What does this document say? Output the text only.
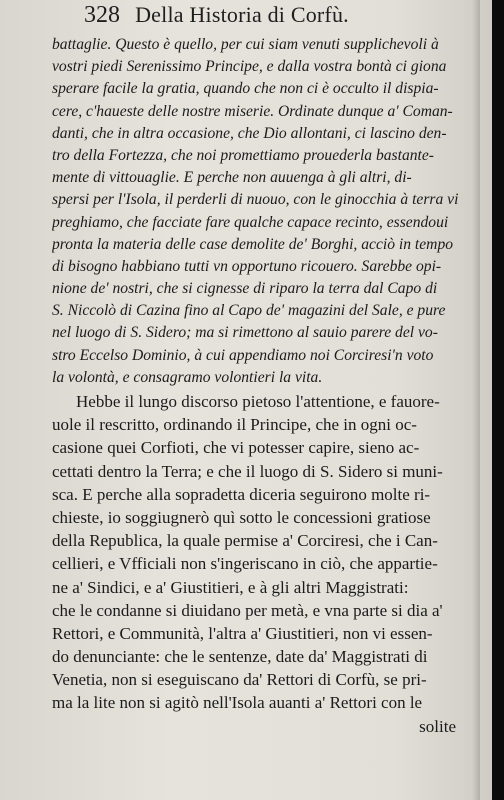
328 Della Historia di Corfù.
battaglie. Questo è quello, per cui siam venuti supplichevoli à
vostri piedi Serenissimo Principe, e dalla vostra bontà ci giona
sperare facile la gratia, quando che non ci è occulto il dispia-
cere, c'haueste delle nostre miserie. Ordinate dunque a' Coman-
danti, che in altra occasione, che Dio allontani, ci lascino den-
tro della Fortezza, che noi promettiamo prouederla bastante-
mente di vittouaglie. E perche non auuenga à gli altri, di-
spersi per l'Isola, il perderli di nuouo, con le ginocchia à terra vi
preghiamo, che facciate fare qualche capace recinto, essendoui
pronta la materia delle case demolite de' Borghi, acciò in tempo
di bisogno habbiano tutti vn opportuno ricouero. Sarebbe opi-
nione de' nostri, che si cignesse di riparo la terra dal Capo di
S. Niccolò di Cazina fino al Capo de' magazini del Sale, e pure
nel luogo di S. Sidero; ma si rimettono al sauio parere del vo-
stro Eccelso Dominio, à cui appendiamo noi Corciresi'n voto
la volontà, e consagramo volontieri la vita.
Hebbe il lungo discorso pietoso l'attentione, e fauore-
uole il rescritto, ordinando il Principe, che in ogni oc-
casione quei Corfioti, che vi potesser capire, sieno ac-
cettati dentro la Terra; e che il luogo di S. Sidero si muni-
sca. E perche alla sopradetta diceria seguirono molte ri-
chieste, io soggiugnerò quì sotto le concessioni gratiose
della Republica, la quale permise a' Corciresi, che i Can-
cellieri, e Vfficiali non s'ingeriscano in ciò, che appartie-
ne a' Sindici, e a' Giustitieri, e à gli altri Maggistrati:
che le condanne si diuidano per metà, e vna parte si dia a'
Rettori, e Communità, l'altra a' Giustitieri, non vi essen-
do denunciante: che le sentenze, date da' Maggistrati di
Venetia, non si eseguiscano da' Rettori di Corfù, se pri-
ma la lite non si agitò nell'Isola auanti a' Rettori con le
solite
